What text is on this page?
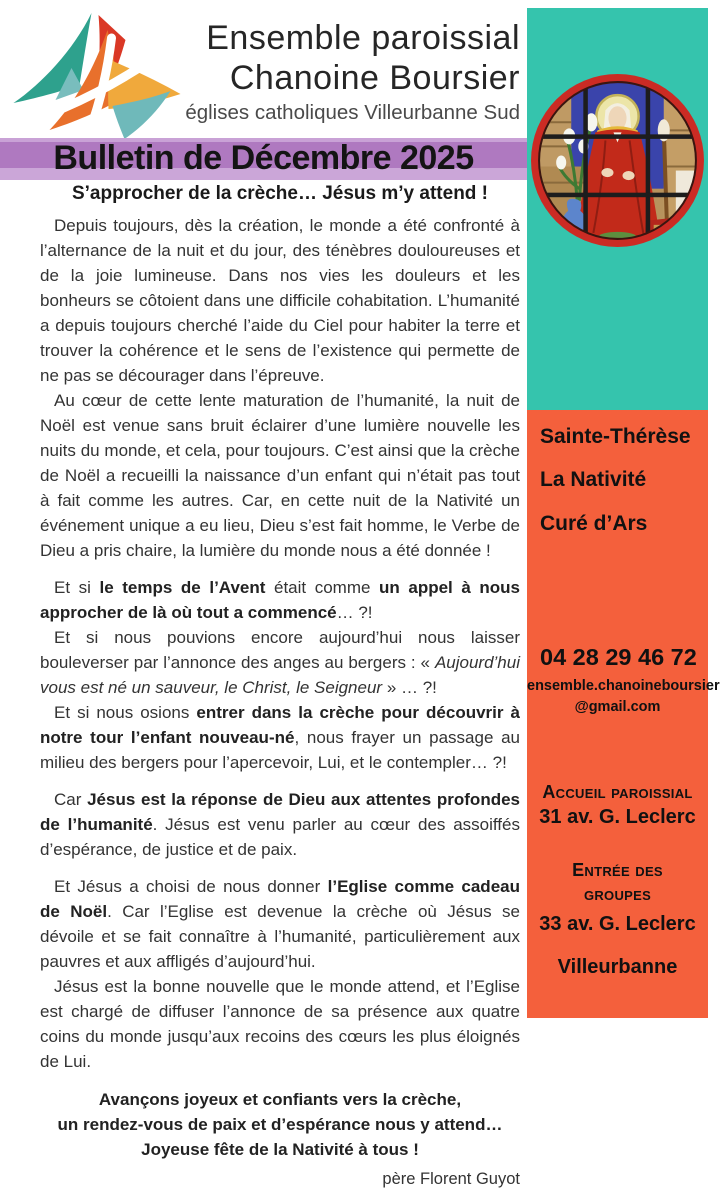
Ensemble paroissial
Chanoine Boursier
églises catholiques Villeurbanne Sud
Bulletin de Décembre 2025
S’approcher de la crèche… Jésus m’y attend !

Depuis toujours, dès la création, le monde a été confronté à l’alternance de la nuit et du jour, des ténèbres douloureuses et de la joie lumineuse. Dans nos vies les douleurs et les bonheurs se côtoient dans une difficile cohabitation. L’humanité a depuis toujours cherché l’aide du Ciel pour habiter la terre et trouver la cohérence et le sens de l’existence qui permette de ne pas se décourager dans l’épreuve.

Au cœur de cette lente maturation de l’humanité, la nuit de Noël est venue sans bruit éclairer d’une lumière nouvelle les nuits du monde, et cela, pour toujours. C’est ainsi que la crèche de Noël a recueilli la naissance d’un enfant qui n’était pas tout à fait comme les autres. Car, en cette nuit de la Nativité un événement unique a eu lieu, Dieu s’est fait homme, le Verbe de Dieu a pris chaire, la lumière du monde nous a été donnée !

Et si le temps de l’Avent était comme un appel à nous approcher de là où tout a commencé… ?!

Et si nous pouvions encore aujourd’hui nous laisser bouleverser par l’annonce des anges au bergers : « Aujourd’hui vous est né un sauveur, le Christ, le Seigneur » … ?!

Et si nous osions entrer dans la crèche pour découvrir à notre tour l’enfant nouveau-né, nous frayer un passage au milieu des bergers pour l’apercevoir, Lui, et le contempler… ?!

Car Jésus est la réponse de Dieu aux attentes profondes de l’humanité. Jésus est venu parler au cœur des assoiffés d’espérance, de justice et de paix.

Et Jésus a choisi de nous donner l’Eglise comme cadeau de Noël. Car l’Eglise est devenue la crèche où Jésus se dévoile et se fait connaître à l’humanité, particulièrement aux pauvres et aux affligés d’aujourd’hui.

Jésus est la bonne nouvelle que le monde attend, et l’Eglise est chargé de diffuser l’annonce de sa présence aux quatre coins du monde jusqu’aux recoins des cœurs les plus éloignés de Lui.

Avançons joyeux et confiants vers la crèche,
un rendez-vous de paix et d’espérance nous y attend…
Joyeuse fête de la Nativité à tous !
père Florent Guyot
Sainte-Thérèse
La Nativité
Curé d’Ars
04 28 29 46 72
ensemble.chanoineboursier
@gmail.com
Accueil paroissial
31 av. G. Leclerc
Entrée des
groupes
33 av. G. Leclerc
Villeurbanne
